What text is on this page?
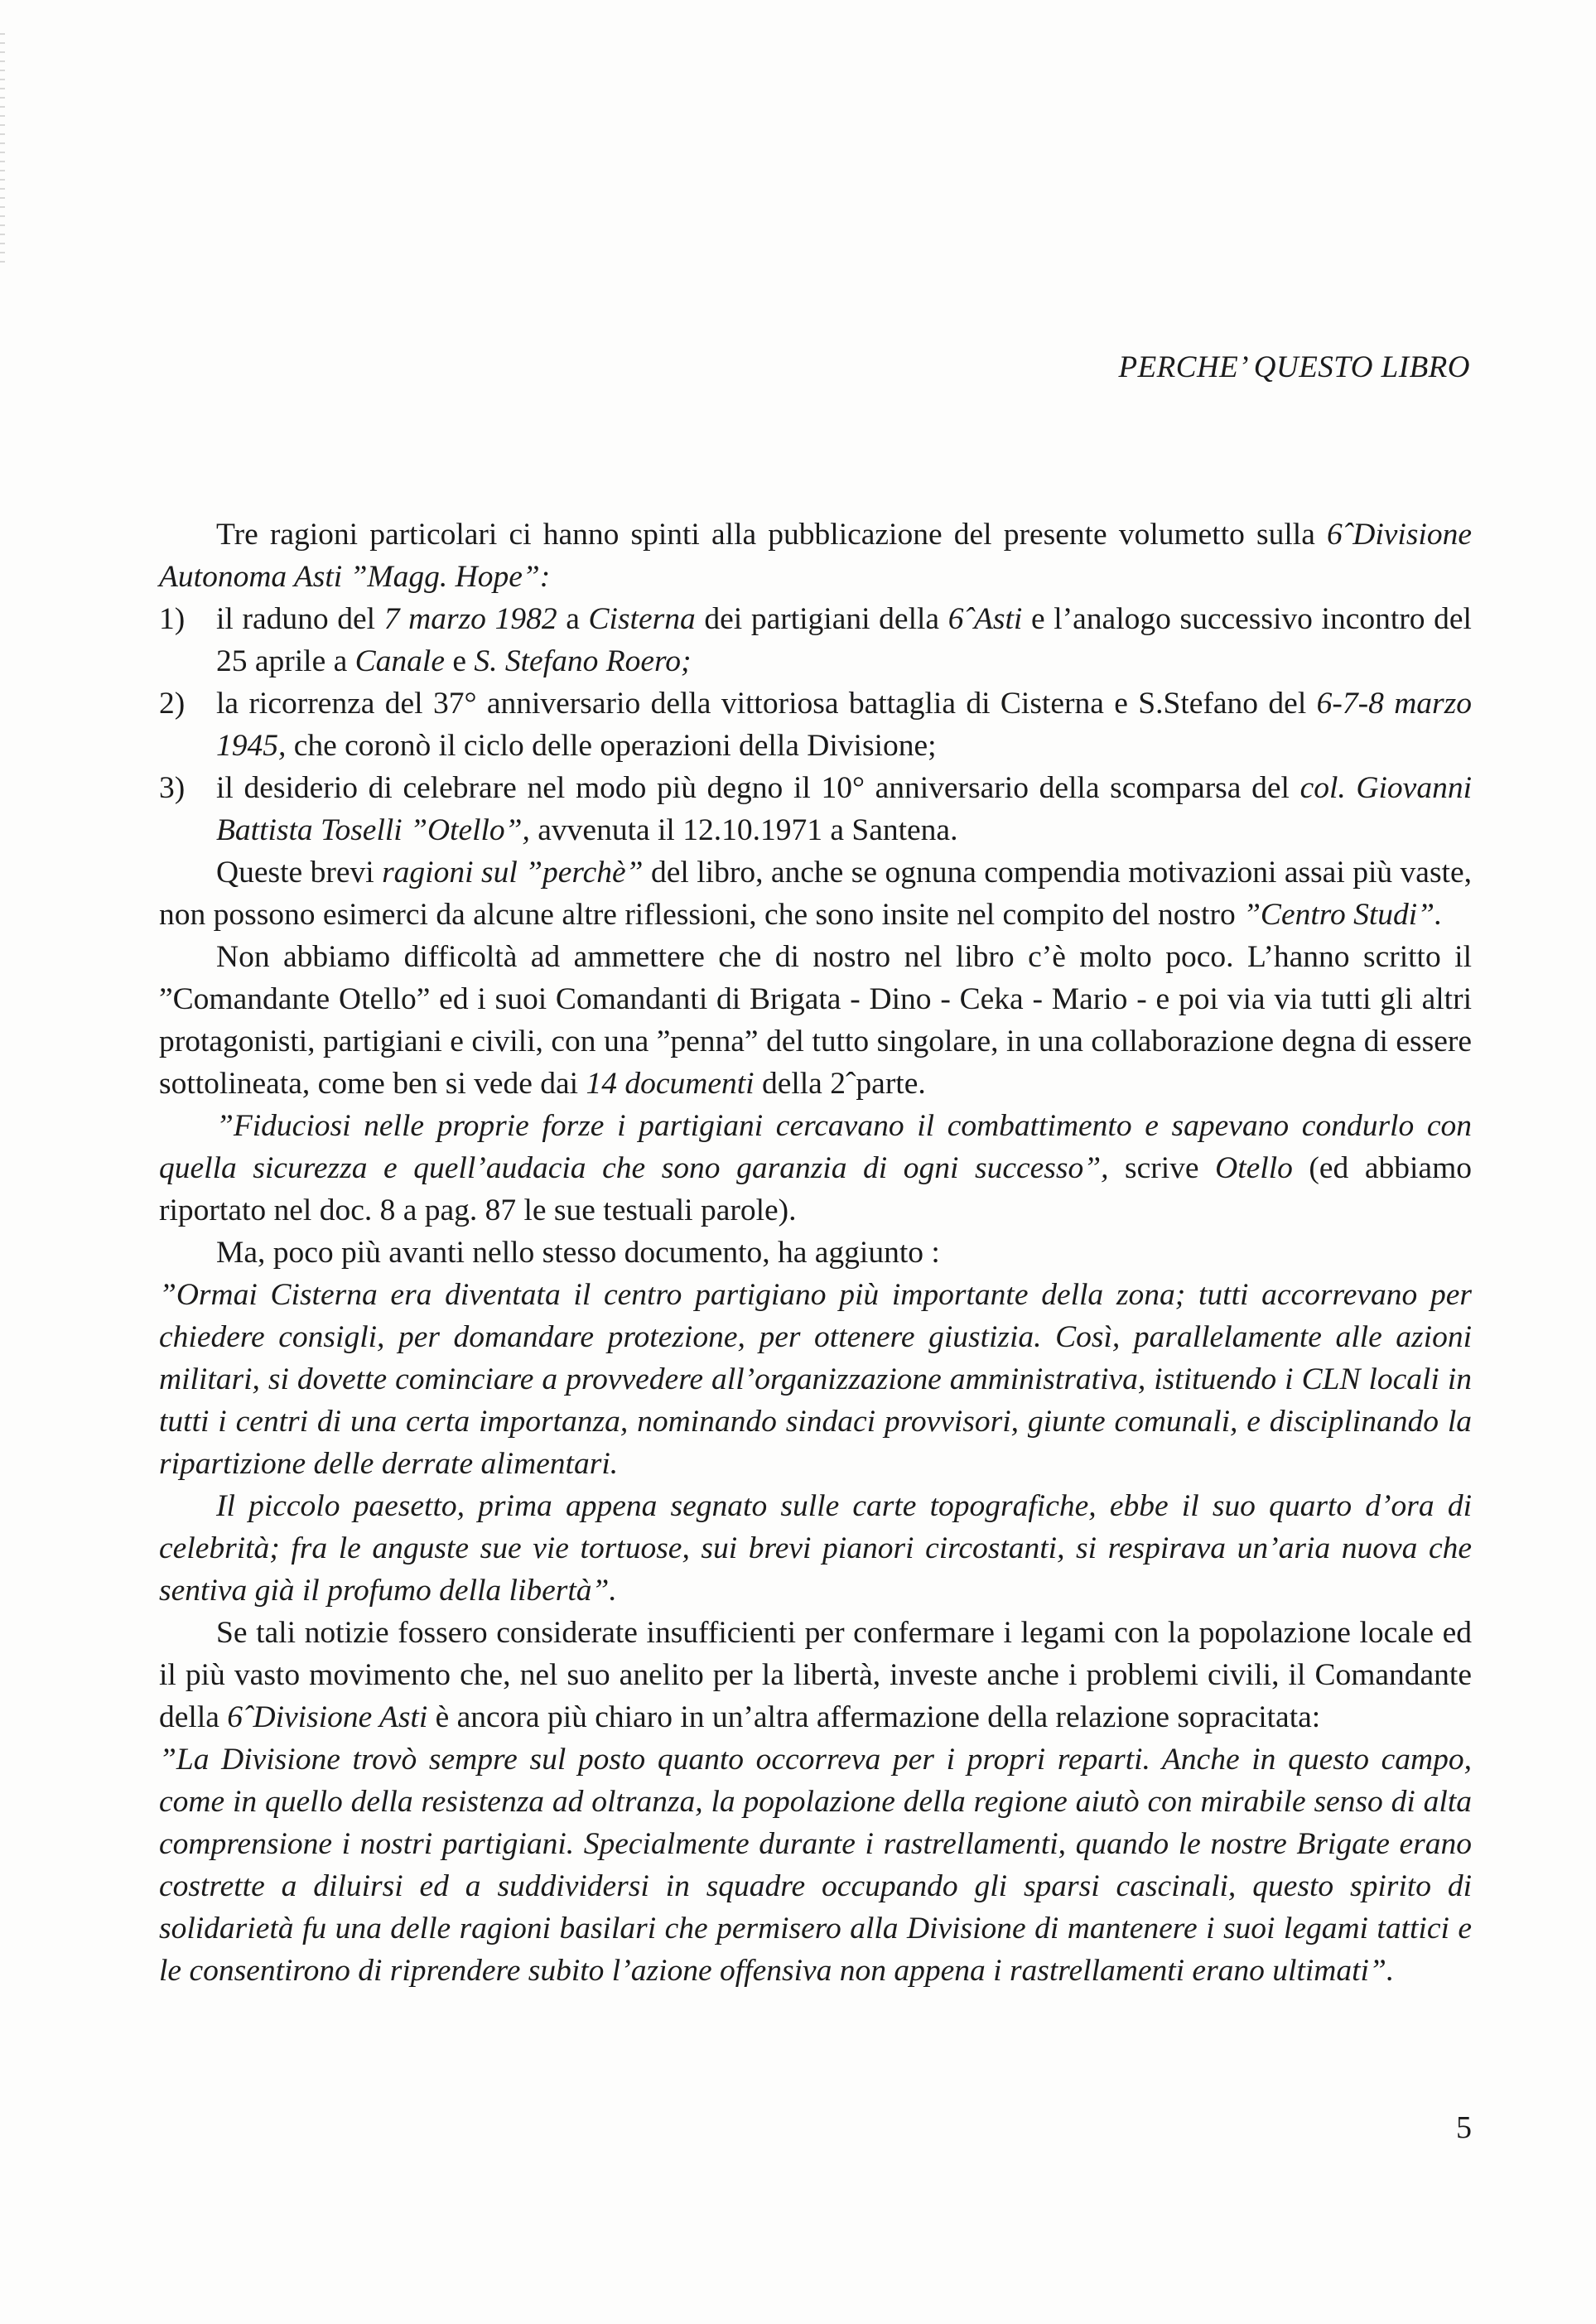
PERCHE’ QUESTO LIBRO

Tre ragioni particolari ci hanno spinti alla pubblicazione del presente volumetto sulla 6ˆDivisione Autonoma Asti ”Magg. Hope”:

1) il raduno del 7 marzo 1982 a Cisterna dei partigiani della 6ˆAsti e l’analogo successivo incontro del 25 aprile a Canale e S. Stefano Roero;
2) la ricorrenza del 37° anniversario della vittoriosa battaglia di Cisterna e S.Stefano del 6-7-8 marzo 1945, che coronò il ciclo delle operazioni della Divisione;
3) il desiderio di celebrare nel modo più degno il 10° anniversario della scomparsa del col. Giovanni Battista Toselli ”Otello”, avvenuta il 12.10.1971 a Santena.

Queste brevi ragioni sul ”perchè” del libro, anche se ognuna compendia motivazioni assai più vaste, non possono esimerci da alcune altre riflessioni, che sono insite nel compito del nostro ”Centro Studi”.

Non abbiamo difficoltà ad ammettere che di nostro nel libro c’è molto poco. L’hanno scritto il ”Comandante Otello” ed i suoi Comandanti di Brigata - Dino - Ceka - Mario - e poi via via tutti gli altri protagonisti, partigiani e civili, con una ”penna” del tutto singolare, in una collaborazione degna di essere sottolineata, come ben si vede dai 14 documenti della 2ˆparte.

”Fiduciosi nelle proprie forze i partigiani cercavano il combattimento e sapevano condurlo con quella sicurezza e quell’audacia che sono garanzia di ogni successo”, scrive Otello (ed abbiamo riportato nel doc. 8 a pag. 87 le sue testuali parole).

Ma, poco più avanti nello stesso documento, ha aggiunto :

”Ormai Cisterna era diventata il centro partigiano più importante della zona; tutti accorrevano per chiedere consigli, per domandare protezione, per ottenere giustizia. Così, parallelamente alle azioni militari, si dovette cominciare a provvedere all’organizzazione amministrativa, istituendo i CLN locali in tutti i centri di una certa importanza, nominando sindaci provvisori, giunte comunali, e disciplinando la ripartizione delle derrate alimentari.

Il piccolo paesetto, prima appena segnato sulle carte topografiche, ebbe il suo quarto d’ora di celebrità; fra le anguste sue vie tortuose, sui brevi pianori circostanti, si respirava un’aria nuova che sentiva già il profumo della libertà”.

Se tali notizie fossero considerate insufficienti per confermare i legami con la popolazione locale ed il più vasto movimento che, nel suo anelito per la libertà, investe anche i problemi civili, il Comandante della 6ˆDivisione Asti è ancora più chiaro in un’altra affermazione della relazione sopracitata:

”La Divisione trovò sempre sul posto quanto occorreva per i propri reparti. Anche in questo campo, come in quello della resistenza ad oltranza, la popolazione della regione aiutò con mirabile senso di alta comprensione i nostri partigiani. Specialmente durante i rastrellamenti, quando le nostre Brigate erano costrette a diluirsi ed a suddividersi in squadre occupando gli sparsi cascinali, questo spirito di solidarietà fu una delle ragioni basilari che permisero alla Divisione di mantenere i suoi legami tattici e le consentirono di riprendere subito l’azione offensiva non appena i rastrellamenti erano ultimati”.

5
